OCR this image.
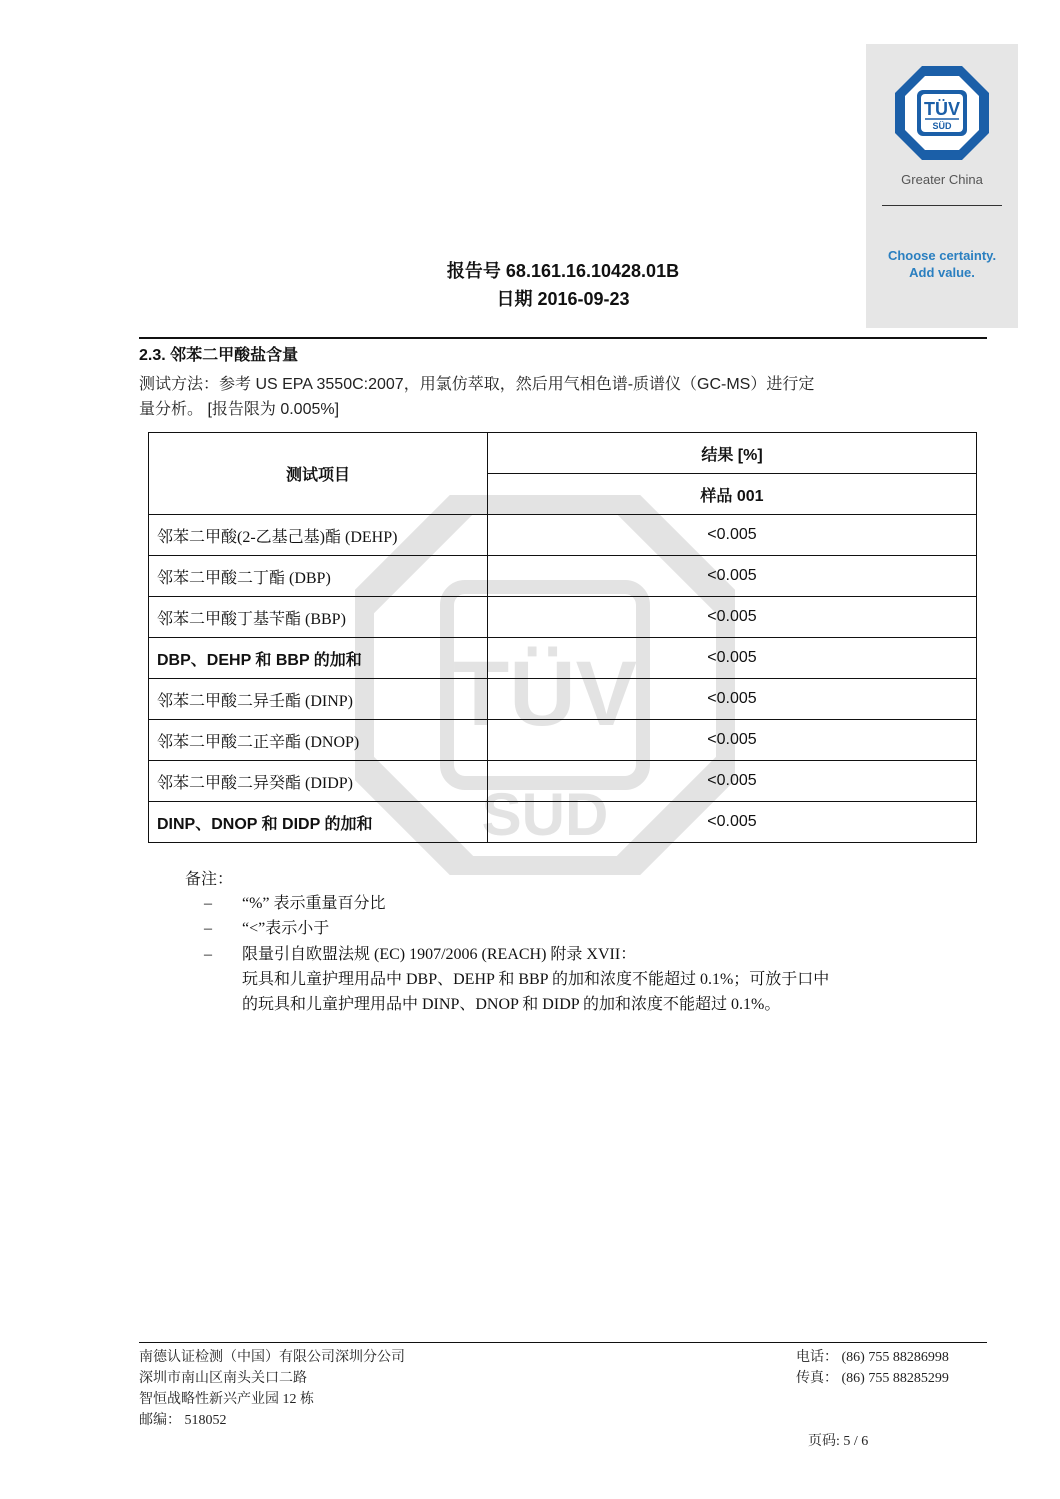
TÜV
SÜD
Greater China
Choose certainty.
Add value.
报告号 68.161.16.10428.01B
日期 2016-09-23
2.3. 邻苯二甲酸盐含量
测试方法：参考 US EPA 3550C:2007，用氯仿萃取，然后用气相色谱-质谱仪（GC-MS）进行定
量分析。 [报告限为 0.005%]
TÜV
SÜD
测试项目	结果 [%]
	样品 001
邻苯二甲酸(2-乙基己基)酯 (DEHP)	<0.005
邻苯二甲酸二丁酯 (DBP)	<0.005
邻苯二甲酸丁基苄酯 (BBP)	<0.005
DBP、DEHP 和 BBP 的加和	<0.005
邻苯二甲酸二异壬酯 (DINP)	<0.005
邻苯二甲酸二正辛酯 (DNOP)	<0.005
邻苯二甲酸二异癸酯 (DIDP)	<0.005
DINP、DNOP 和 DIDP 的加和	<0.005
备注：
– “%” 表示重量百分比
– “<”表示小于
– 限量引自欧盟法规 (EC) 1907/2006 (REACH) 附录 XVII：
玩具和儿童护理用品中 DBP、DEHP 和 BBP 的加和浓度不能超过 0.1%；可放于口中
的玩具和儿童护理用品中 DINP、DNOP 和 DIDP 的加和浓度不能超过 0.1%。
南德认证检测（中国）有限公司深圳分公司
深圳市南山区南头关口二路
智恒战略性新兴产业园 12 栋
邮编： 518052
电话： (86) 755 88286998
传真： (86) 755 88285299
页码: 5 / 6
